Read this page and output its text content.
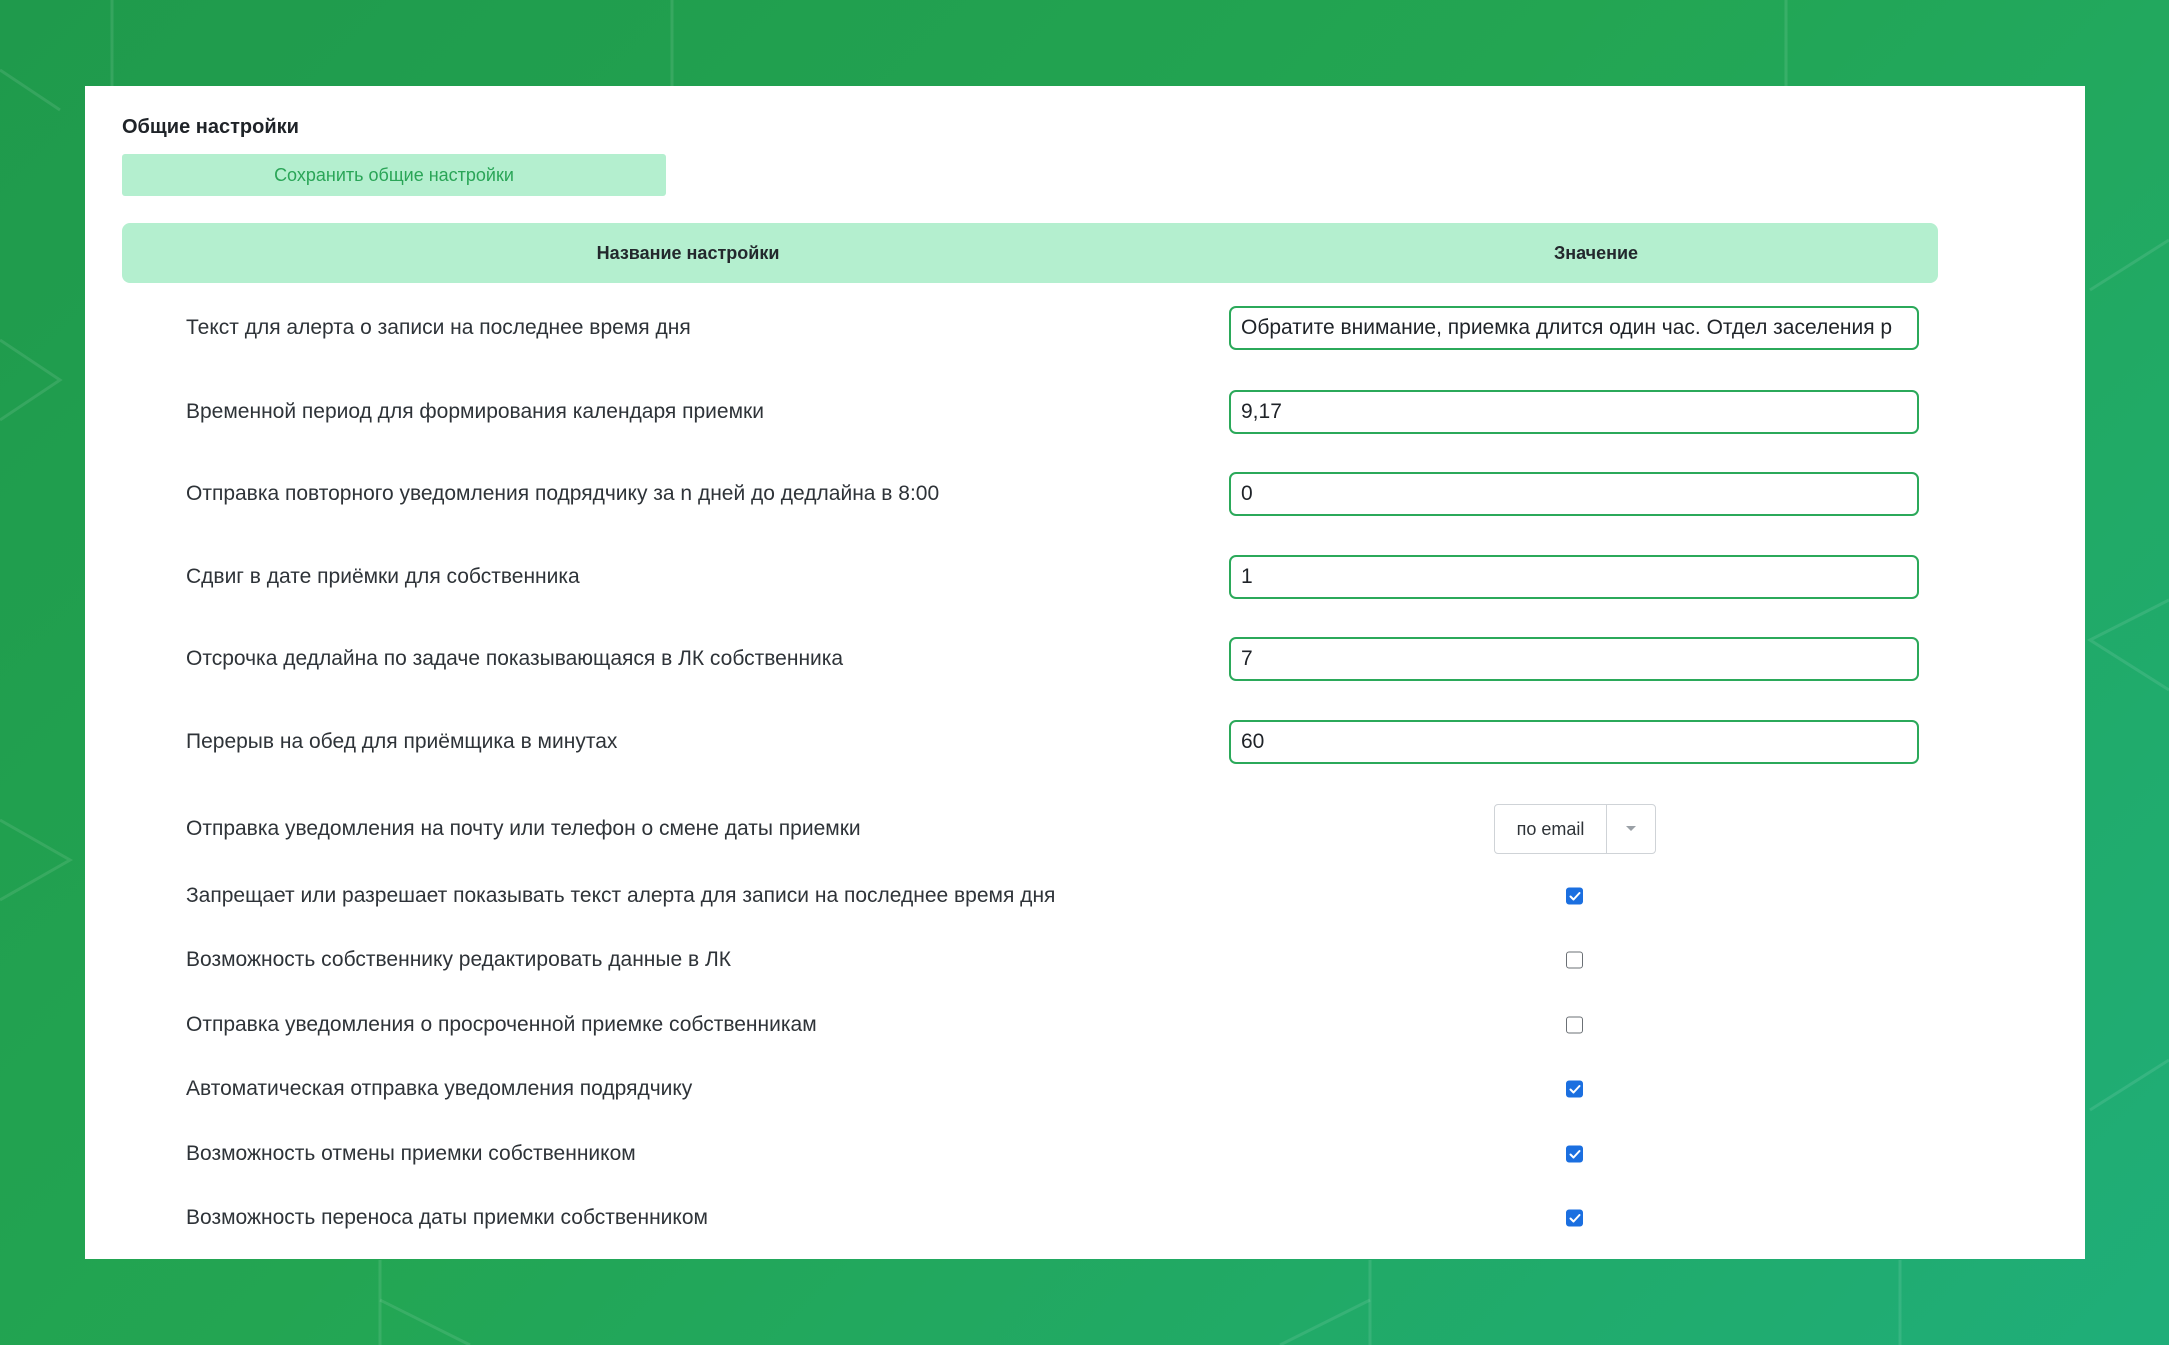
Общие настройки
Сохранить общие настройки
Название настройки	Значение
Текст для алерта о записи на последнее время дня
Обратите внимание, приемка длится один час. Отдел заселения р
Временной период для формирования календаря приемки
9,17
Отправка повторного уведомления подрядчику за n дней до дедлайна в 8:00
0
Сдвиг в дате приёмки для собственника
1
Отсрочка дедлайна по задаче показывающаяся в ЛК собственника
7
Перерыв на обед для приёмщика в минутах
60
Отправка уведомления на почту или телефон о смене даты приемки	по email
Запрещает или разрешает показывать текст алерта для записи на последнее время дня
Возможность собственнику редактировать данные в ЛК
Отправка уведомления о просроченной приемке собственникам
Автоматическая отправка уведомления подрядчику
Возможность отмены приемки собственником
Возможность переноса даты приемки собственником
